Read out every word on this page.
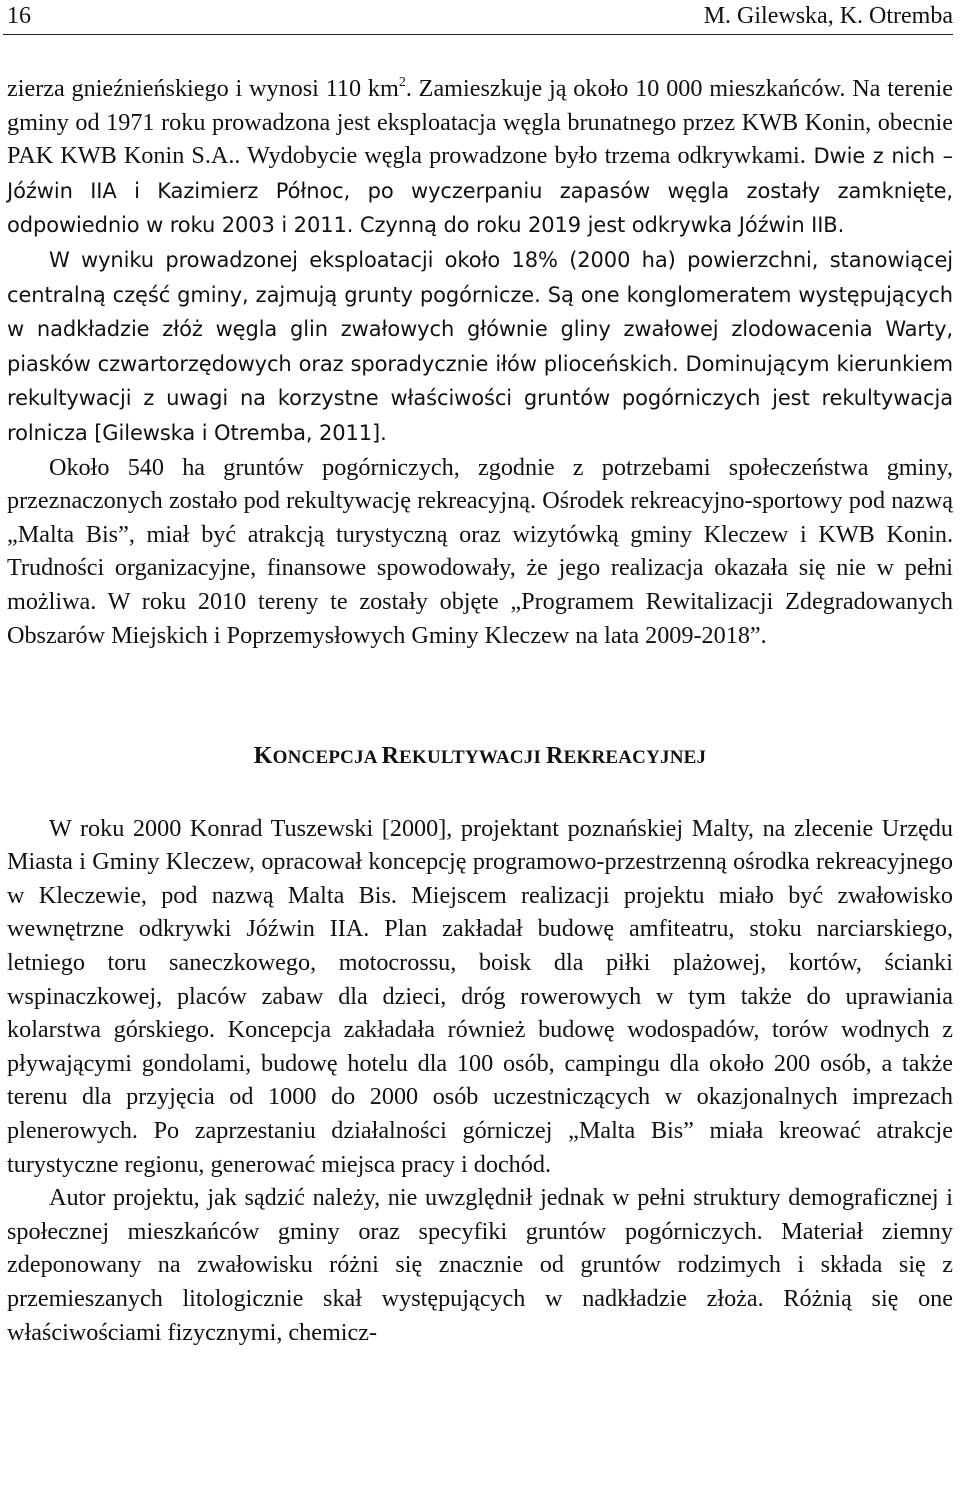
16	M. Gilewska, K. Otremba

zierza gnieźnieńskiego i wynosi 110 $km^2$. Zamieszkuje ją około 10 000 mieszkańców. Na terenie gminy od 1971 roku prowadzona jest eksploatacja węgla brunatnego przez KWB Konin, obecnie PAK KWB Konin S.A.. Wydobycie węgla prowadzone było trzema odkrywkami. Dwie z nich – Jóźwin IIA i Kazimierz Północ, po wyczerpaniu zapasów węgla zostały zamknięte, odpowiednio w roku 2003 i 2011. Czynną do roku 2019 jest odkrywka Jóźwin IIB.

W wyniku prowadzonej eksploatacji około 18% (2000 ha) powierzchni, stanowiącej centralną część gminy, zajmują grunty pogórnicze. Są one konglomeratem występujących w nadkładzie złóż węgla glin zwałowych głównie gliny zwałowej zlodowacenia Warty, piasków czwartorzędowych oraz sporadycznie iłów plioceńskich. Dominującym kierunkiem rekultywacji z uwagi na korzystne właściwości gruntów pogórniczych jest rekultywacja rolnicza [Gilewska i Otremba, 2011].

Około 540 ha gruntów pogórniczych, zgodnie z potrzebami społeczeństwa gminy, przeznaczonych zostało pod rekultywację rekreacyjną. Ośrodek rekreacyjno-sportowy pod nazwą „Malta Bis”, miał być atrakcją turystyczną oraz wizytówką gminy Kleczew i KWB Konin. Trudności organizacyjne, finansowe spowodowały, że jego realizacja okazała się nie w pełni możliwa. W roku 2010 tereny te zostały objęte „Programem Rewitalizacji Zdegradowanych Obszarów Miejskich i Poprzemysłowych Gminy Kleczew na lata 2009-2018”.

KONCEPCJA REKULTYWACJI REKREACYJNEJ

W roku 2000 Konrad Tuszewski [2000], projektant poznańskiej Malty, na zlecenie Urzędu Miasta i Gminy Kleczew, opracował koncepcję programowo-przestrzenną ośrodka rekreacyjnego w Kleczewie, pod nazwą Malta Bis. Miejscem realizacji projektu miało być zwałowisko wewnętrzne odkrywki Jóźwin IIA. Plan zakładał budowę amfiteatru, stoku narciarskiego, letniego toru saneczkowego, motocrossu, boisk dla piłki plażowej, kortów, ścianki wspinaczkowej, placów zabaw dla dzieci, dróg rowerowych w tym także do uprawiania kolarstwa górskiego. Koncepcja zakładała również budowę wodospadów, torów wodnych z pływającymi gondolami, budowę hotelu dla 100 osób, campingu dla około 200 osób, a także terenu dla przyjęcia od 1000 do 2000 osób uczestniczących w okazjonalnych imprezach plenerowych. Po zaprzestaniu działalności górniczej „Malta Bis” miała kreować atrakcje turystyczne regionu, generować miejsca pracy i dochód.

Autor projektu, jak sądzić należy, nie uwzględnił jednak w pełni struktury demograficznej i społecznej mieszkańców gminy oraz specyfiki gruntów pogórniczych. Materiał ziemny zdeponowany na zwałowisku różni się znacznie od gruntów rodzimych i składa się z przemieszanych litologicznie skał występujących w nadkładzie złoża. Różnią się one właściwościami fizycznymi, chemicz-
